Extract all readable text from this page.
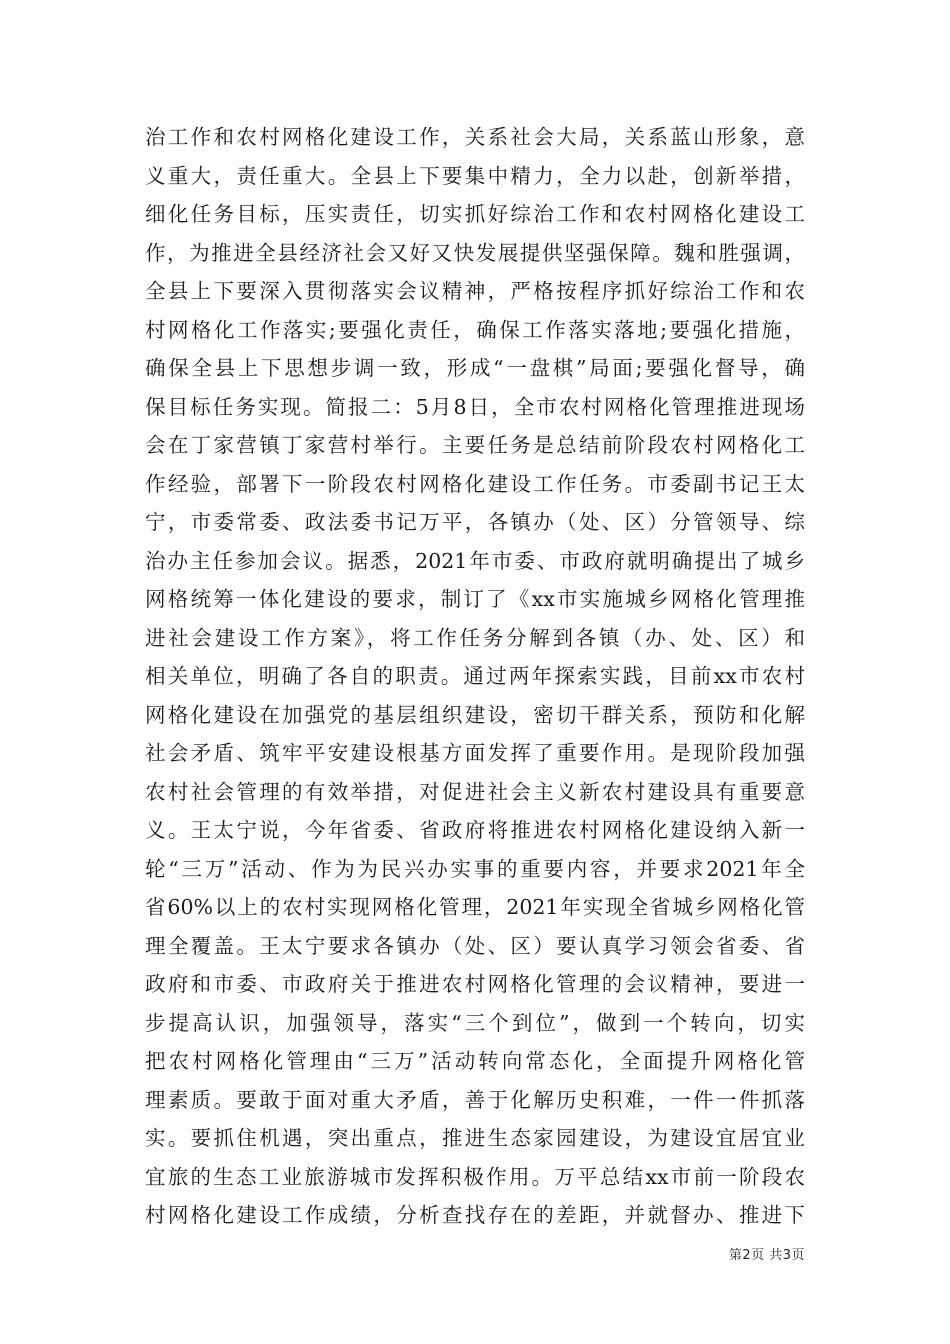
治工作和农村网格化建设工作，关系社会大局，关系蓝山形象，意
义重大，责任重大。全县上下要集中精力，全力以赴，创新举措，
细化任务目标，压实责任，切实抓好综治工作和农村网格化建设工
作，为推进全县经济社会又好又快发展提供坚强保障。魏和胜强调，
全县上下要深入贯彻落实会议精神，严格按程序抓好综治工作和农
村网格化工作落实;要强化责任，确保工作落实落地;要强化措施，
确保全县上下思想步调一致，形成“一盘棋”局面;要强化督导，确
保目标任务实现。简报二：5月8日，全市农村网格化管理推进现场
会在丁家营镇丁家营村举行。主要任务是总结前阶段农村网格化工
作经验，部署下一阶段农村网格化建设工作任务。市委副书记王太
宁，市委常委、政法委书记万平，各镇办（处、区）分管领导、综
治办主任参加会议。据悉，2021年市委、市政府就明确提出了城乡
网格统筹一体化建设的要求，制订了《xx市实施城乡网格化管理推
进社会建设工作方案》，将工作任务分解到各镇（办、处、区）和
相关单位，明确了各自的职责。通过两年探索实践，目前xx市农村
网格化建设在加强党的基层组织建设，密切干群关系，预防和化解
社会矛盾、筑牢平安建设根基方面发挥了重要作用。是现阶段加强
农村社会管理的有效举措，对促进社会主义新农村建设具有重要意
义。王太宁说，今年省委、省政府将推进农村网格化建设纳入新一
轮“三万”活动、作为为民兴办实事的重要内容，并要求2021年全
省60%以上的农村实现网格化管理，2021年实现全省城乡网格化管
理全覆盖。王太宁要求各镇办（处、区）要认真学习领会省委、省
政府和市委、市政府关于推进农村网格化管理的会议精神，要进一
步提高认识，加强领导，落实“三个到位”，做到一个转向，切实
把农村网格化管理由“三万”活动转向常态化，全面提升网格化管
理素质。要敢于面对重大矛盾，善于化解历史积难，一件一件抓落
实。要抓住机遇，突出重点，推进生态家园建设，为建设宜居宜业
宜旅的生态工业旅游城市发挥积极作用。万平总结xx市前一阶段农
村网格化建设工作成绩，分析查找存在的差距，并就督办、推进下
第2页 共3页
